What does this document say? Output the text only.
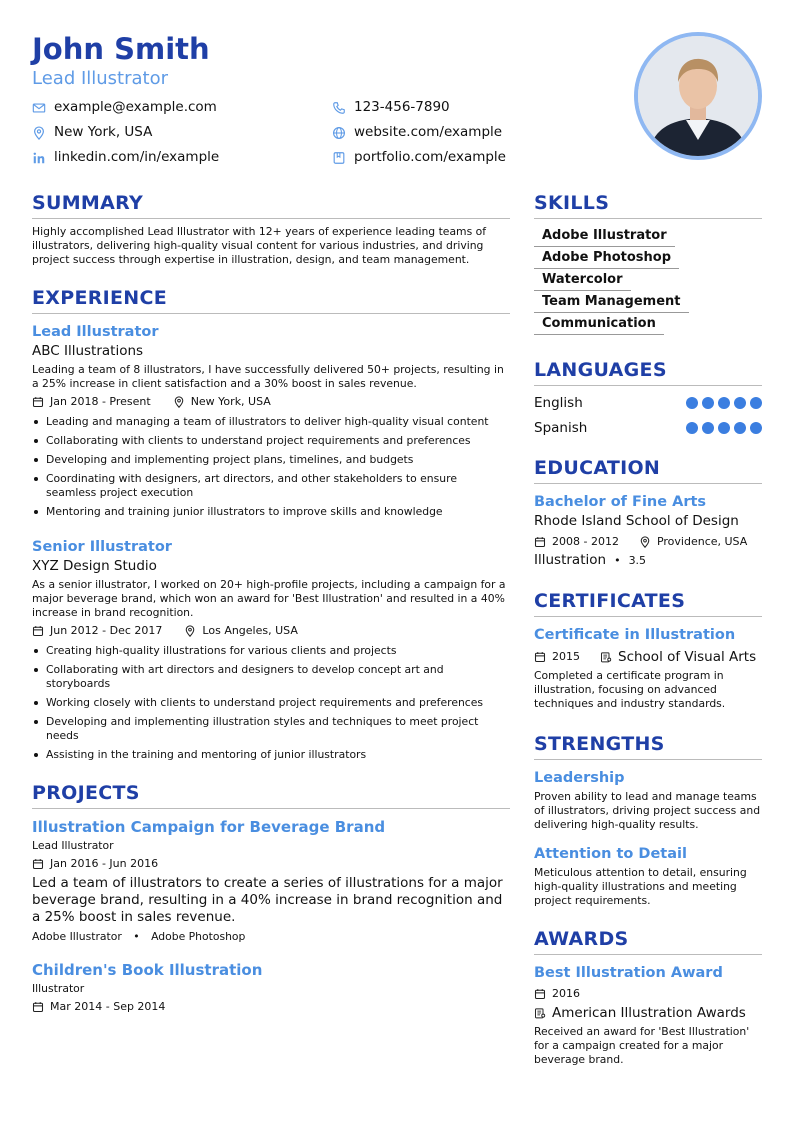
John Smith
Lead Illustrator
example@example.com	123-456-7890
New York, USA	website.com/example
linkedin.com/in/example	portfolio.com/example
SUMMARY
Highly accomplished Lead Illustrator with 12+ years of experience leading teams of illustrators, delivering high-quality visual content for various industries, and driving project success through expertise in illustration, design, and team management.
EXPERIENCE
Lead Illustrator
ABC Illustrations
Leading a team of 8 illustrators, I have successfully delivered 50+ projects, resulting in a 25% increase in client satisfaction and a 30% boost in sales revenue.
Jan 2018 - Present	New York, USA
Leading and managing a team of illustrators to deliver high-quality visual content
Collaborating with clients to understand project requirements and preferences
Developing and implementing project plans, timelines, and budgets
Coordinating with designers, art directors, and other stakeholders to ensure seamless project execution
Mentoring and training junior illustrators to improve skills and knowledge
Senior Illustrator
XYZ Design Studio
As a senior illustrator, I worked on 20+ high-profile projects, including a campaign for a major beverage brand, which won an award for 'Best Illustration' and resulted in a 40% increase in brand recognition.
Jun 2012 - Dec 2017	Los Angeles, USA
Creating high-quality illustrations for various clients and projects
Collaborating with art directors and designers to develop concept art and storyboards
Working closely with clients to understand project requirements and preferences
Developing and implementing illustration styles and techniques to meet project needs
Assisting in the training and mentoring of junior illustrators
PROJECTS
Illustration Campaign for Beverage Brand
Lead Illustrator
Jan 2016 - Jun 2016
Led a team of illustrators to create a series of illustrations for a major beverage brand, resulting in a 40% increase in brand recognition and a 25% boost in sales revenue.
Adobe Illustrator • Adobe Photoshop
Children's Book Illustration
Illustrator
Mar 2014 - Sep 2014
SKILLS
Adobe Illustrator
Adobe Photoshop
Watercolor
Team Management
Communication
LANGUAGES
English
Spanish
EDUCATION
Bachelor of Fine Arts
Rhode Island School of Design
2008 - 2012	Providence, USA
Illustration • 3.5
CERTIFICATES
Certificate in Illustration
2015	School of Visual Arts
Completed a certificate program in illustration, focusing on advanced techniques and industry standards.
STRENGTHS
Leadership
Proven ability to lead and manage teams of illustrators, driving project success and delivering high-quality results.
Attention to Detail
Meticulous attention to detail, ensuring high-quality illustrations and meeting project requirements.
AWARDS
Best Illustration Award
2016
American Illustration Awards
Received an award for 'Best Illustration' for a campaign created for a major beverage brand.
